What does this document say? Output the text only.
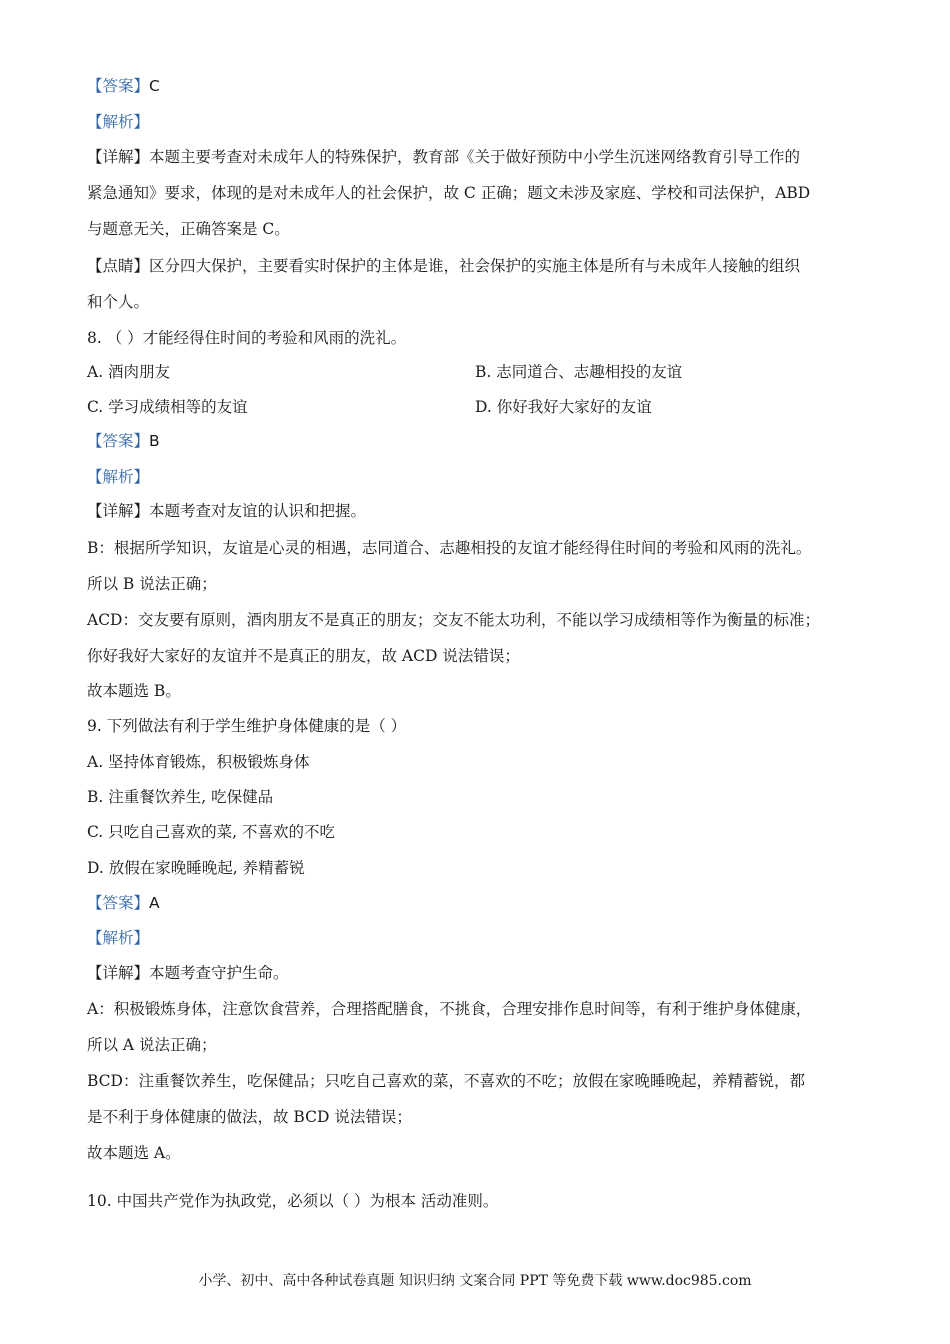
【答案】C
【解析】
【详解】本题主要考查对未成年人的特殊保护，教育部《关于做好预防中小学生沉迷网络教育引导工作的
紧急通知》要求，体现的是对未成年人的社会保护，故 C 正确；题文未涉及家庭、学校和司法保护，ABD
与题意无关，正确答案是 C。
【点睛】区分四大保护，主要看实时保护的主体是谁，社会保护的实施主体是所有与未成年人接触的组织
和个人。
8. （ ）才能经得住时间的考验和风雨的洗礼。
A. 酒肉朋友	B. 志同道合、志趣相投的友谊
C. 学习成绩相等的友谊	D. 你好我好大家好的友谊
【答案】B
【解析】
【详解】本题考查对友谊的认识和把握。
B：根据所学知识，友谊是心灵的相遇，志同道合、志趣相投的友谊才能经得住时间的考验和风雨的洗礼。
所以 B 说法正确；
ACD：交友要有原则，酒肉朋友不是真正的朋友；交友不能太功利，不能以学习成绩相等作为衡量的标准；
你好我好大家好的友谊并不是真正的朋友，故 ACD 说法错误；
故本题选 B。
9. 下列做法有利于学生维护身体健康的是（ ）
A. 坚持体育锻炼，积极锻炼身体
B. 注重餐饮养生, 吃保健品
C. 只吃自己喜欢的菜, 不喜欢的不吃
D. 放假在家晚睡晚起, 养精蓄锐
【答案】A
【解析】
【详解】本题考查守护生命。
A：积极锻炼身体，注意饮食营养，合理搭配膳食，不挑食，合理安排作息时间等，有利于维护身体健康，
所以 A 说法正确；
BCD：注重餐饮养生，吃保健品；只吃自己喜欢的菜，不喜欢的不吃；放假在家晚睡晚起，养精蓄锐，都
是不利于身体健康的做法，故 BCD 说法错误；
故本题选 A。
10. 中国共产党作为执政党，必须以（ ）为根本 活动准则。
小学、初中、高中各种试卷真题 知识归纳 文案合同 PPT 等免费下载 www.doc985.com
